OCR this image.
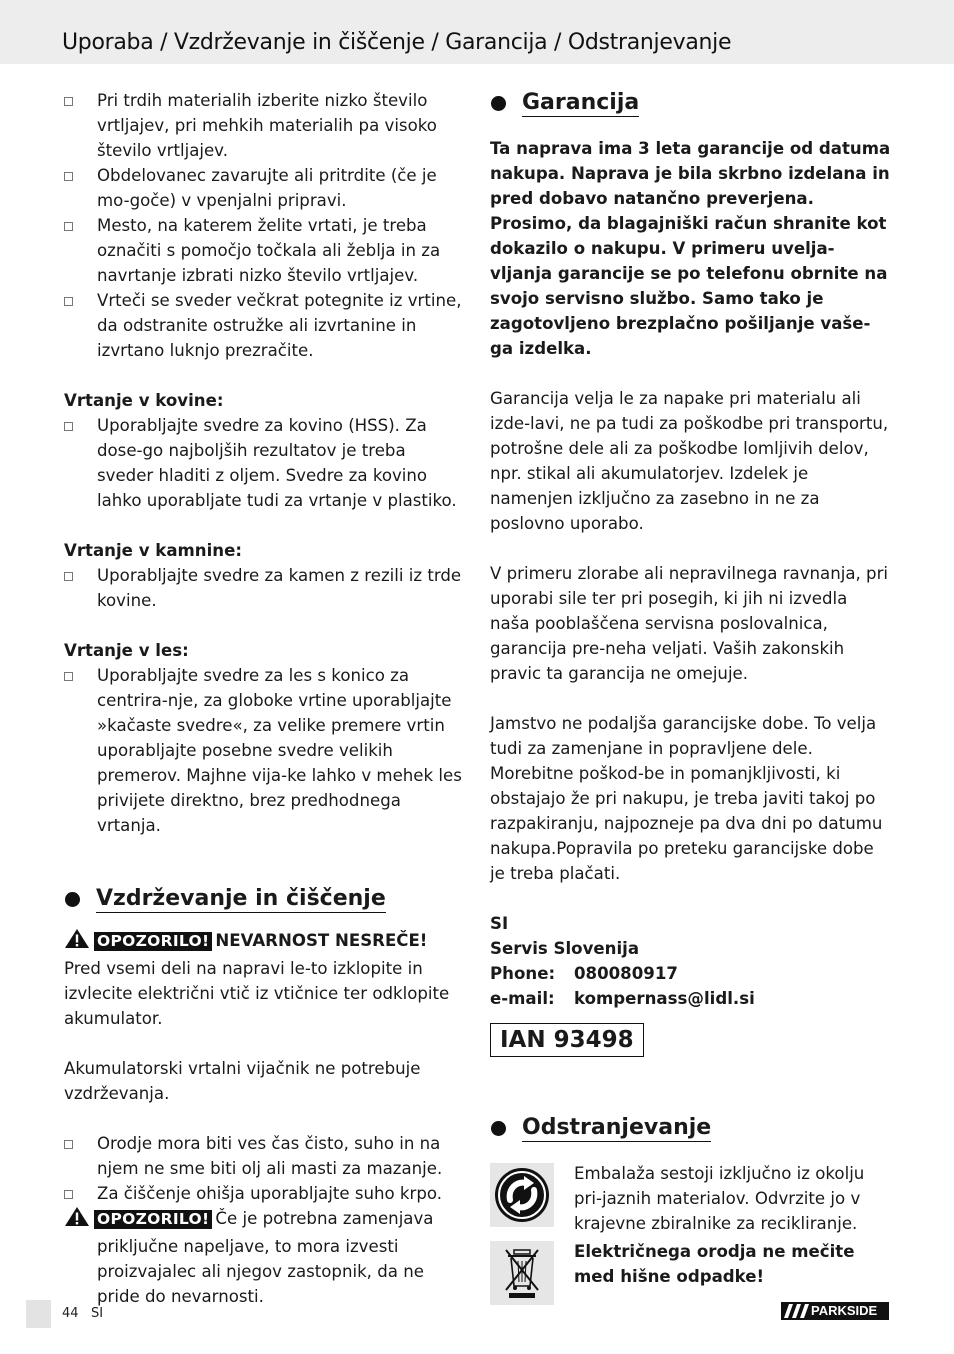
Uporaba / Vzdrževanje in čiščenje / Garancija / Odstranjevanje
Pri trdih materialih izberite nizko število vrtljajev, pri mehkih materialih pa visoko število vrtljajev.
Obdelovanec zavarujte ali pritrdite (če je mo-goče) v vpenjalni pripravi.
Mesto, na katerem želite vrtati, je treba označiti s pomočjo točkala ali žeblja in za navrtanje izbrati nizko število vrtljajev.
Vrteči se sveder večkrat potegnite iz vrtine, da odstranite ostružke ali izvrtanine in izvrtano luknjo prezračite.

Vrtanje v kovine:

Uporabljajte svedre za kovino (HSS). Za dose-go najboljših rezultatov je treba sveder hladiti z oljem. Svedre za kovino lahko uporabljate tudi za vrtanje v plastiko.

Vrtanje v kamnine:

Uporabljajte svedre za kamen z rezili iz trde kovine.

Vrtanje v les:

Uporabljajte svedre za les s konico za centrira-nje, za globoke vrtine uporabljajte »kačaste svedre«, za velike premere vrtin uporabljajte posebne svedre velikih premerov. Majhne vija-ke lahko v mehek les privijete direktno, brez predhodnega vrtanja.
Vzdrževanje in čiščenje
OPOZORILO! NEVARNOST NESREČE!

Pred vsemi deli na napravi le-to izklopite in izvlecite električni vtič iz vtičnice ter odklopite akumulator.

Akumulatorski vrtalni vijačnik ne potrebuje vzdrževanja.

Orodje mora biti ves čas čisto, suho in na njem ne sme biti olj ali masti za mazanje.
Za čiščenje ohišja uporabljajte suho krpo.
OPOZORILO! Če je potrebna zamenjava

priključne napeljave, to mora izvesti proizvajalec ali njegov zastopnik, da ne pride do nevarnosti.

Garancija

Ta naprava ima 3 leta garancije od datuma nakupa. Naprava je bila skrbno izdelana in pred dobavo natančno preverjena. Prosimo, da blagajniški račun shranite kot dokazilo o nakupu. V primeru uvelja-vljanja garancije se po telefonu obrnite na svojo servisno službo. Samo tako je zagotovljeno brezplačno pošiljanje vaše-ga izdelka.

Garancija velja le za napake pri materialu ali izde-lavi, ne pa tudi za poškodbe pri transportu, potrošne dele ali za poškodbe lomljivih delov, npr. stikal ali akumulatorjev. Izdelek je namenjen izključno za zasebno in ne za poslovno uporabo.

V primeru zlorabe ali nepravilnega ravnanja, pri uporabi sile ter pri posegih, ki jih ni izvedla naša pooblaščena servisna poslovalnica, garancija pre-neha veljati. Vaših zakonskih pravic ta garancija ne omejuje.

Jamstvo ne podaljša garancijske dobe. To velja tudi za zamenjane in popravljene dele. Morebitne poškod-be in pomanjkljivosti, ki obstajajo že pri nakupu, je treba javiti takoj po razpakiranju, najpozneje pa dva dni po datumu nakupa.Popravila po preteku garancijske dobe je treba plačati.

SI
Servis Slovenija
Phone: 080080917
e-mail: kompernass@lidl.si
IAN 93498
Odstranjevanje
Embalaža sestoji izključno iz okolju pri-jaznih materialov. Odvrzite jo v krajevne zbiralnike za recikliranje.
Električnega orodja ne mečite med hišne odpadke!
44 SI	PARKSIDE
